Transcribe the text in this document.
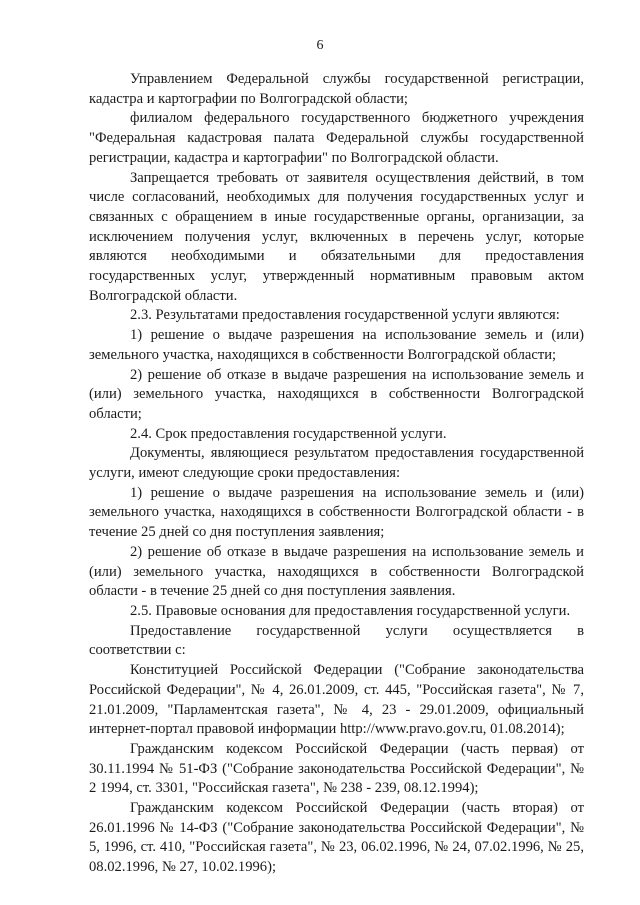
6

Управлением Федеральной службы государственной регистрации, кадастра и картографии по Волгоградской области;

филиалом федерального государственного бюджетного учреждения "Федеральная кадастровая палата Федеральной службы государственной регистрации, кадастра и картографии" по Волгоградской области.

Запрещается требовать от заявителя осуществления действий, в том числе согласований, необходимых для получения государственных услуг и связанных с обращением в иные государственные органы, организации, за исключением получения услуг, включенных в перечень услуг, которые являются необходимыми и обязательными для предоставления государственных услуг, утвержденный нормативным правовым актом Волгоградской области.

2.3. Результатами предоставления государственной услуги являются:

1) решение о выдаче разрешения на использование земель и (или) земельного участка, находящихся в собственности Волгоградской области;

2) решение об отказе в выдаче разрешения на использование земель и (или) земельного участка, находящихся в собственности Волгоградской области;

2.4. Срок предоставления государственной услуги.

Документы, являющиеся результатом предоставления государственной услуги, имеют следующие сроки предоставления:

1) решение о выдаче разрешения на использование земель и (или) земельного участка, находящихся в собственности Волгоградской области - в течение 25 дней со дня поступления заявления;

2) решение об отказе в выдаче разрешения на использование земель и (или) земельного участка, находящихся в собственности Волгоградской области - в течение 25 дней со дня поступления заявления.

2.5. Правовые основания для предоставления государственной услуги.

Предоставление государственной услуги осуществляется в соответствии с:

Конституцией Российской Федерации ("Собрание законодательства Российской Федерации", № 4, 26.01.2009, ст. 445, "Российская газета", № 7, 21.01.2009, "Парламентская газета", № 4, 23 - 29.01.2009, официальный интернет-портал правовой информации http://www.pravo.gov.ru, 01.08.2014);

Гражданским кодексом Российской Федерации (часть первая) от 30.11.1994 № 51-ФЗ ("Собрание законодательства Российской Федерации", № 2 1994, ст. 3301, "Российская газета", № 238 - 239, 08.12.1994);

Гражданским кодексом Российской Федерации (часть вторая) от 26.01.1996 № 14-ФЗ ("Собрание законодательства Российской Федерации", № 5, 1996, ст. 410, "Российская газета", № 23, 06.02.1996, № 24, 07.02.1996, № 25, 08.02.1996, № 27, 10.02.1996);
